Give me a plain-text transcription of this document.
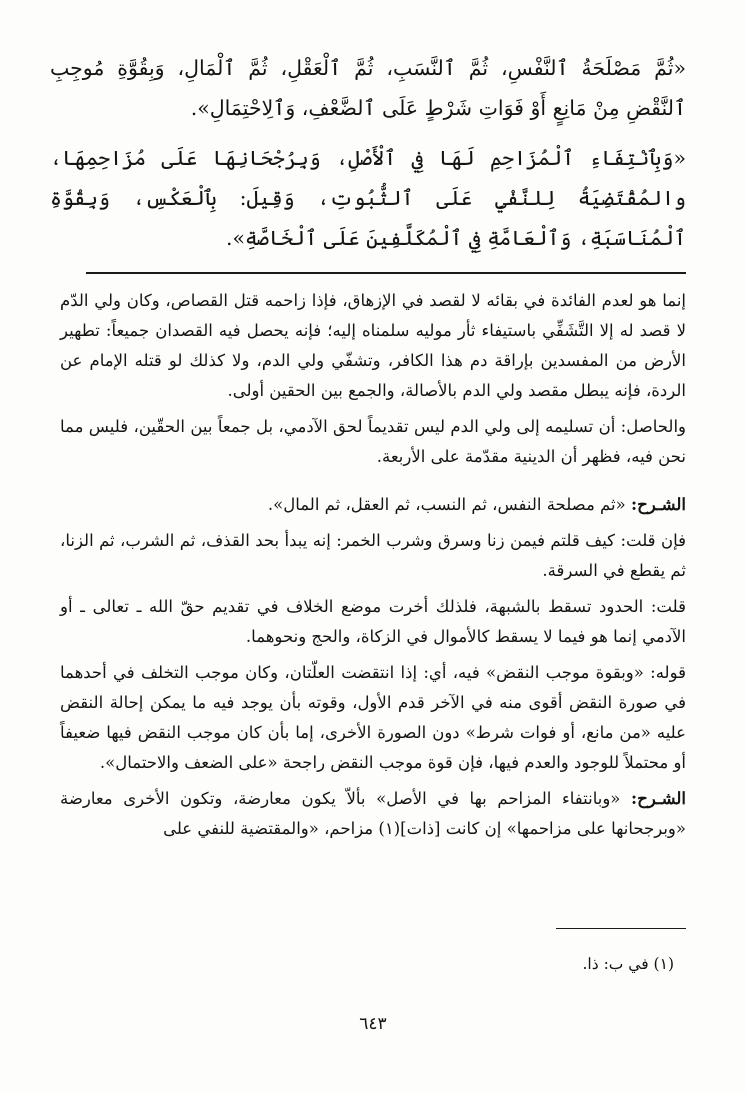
«ثُمَّ مَصْلَحَةُ ٱلنَّفْسِ، ثُمَّ ٱلنَّسَبِ، ثُمَّ ٱلْعَقْلِ، ثُمَّ ٱلْمَالِ، وَبِقُوَّةِ مُوجِبِ ٱلنَّقْضِ مِنْ مَانِعٍ أَوْ فَوَاتِ شَرْطٍ عَلَى ٱلضَّعْفِ، وَٱلِاحْتِمَالِ».

«وَبِٱنْتِفَاءِ ٱلْمُزَاحِمِ لَهَا فِي ٱلْأَصْلِ، وَبِرُجْحَانِهَا عَلَى مُزَاحِمِهَا، والمُقْتَضِيَةُ لِلنَّفْيِ عَلَى ٱلثُّبُوتِ، وَقِيلَ: بِٱلْعَكْسِ، وَبِقُوَّةِ ٱلْمُنَاسَبَةِ، وَٱلْعَامَّةِ فِي ٱلْمُكَلَّفِينَ عَلَى ٱلْخَاصَّةِ».

إنما هو لعدم الفائدة في بقائه لا لقصد في الإزهاق، فإذا زاحمه قتل القصاص، وكان ولي الدّم لا قصد له إلا التَّشَفِّي باستيفاء ثأر موليه سلمناه إليه؛ فإنه يحصل فيه القصدان جميعاً: تطهير الأرض من المفسدين بإراقة دم هذا الكافر، وتشفّي ولي الدم، ولا كذلك لو قتله الإمام عن الردة، فإنه يبطل مقصد ولي الدم بالأصالة، والجمع بين الحقين أولى.

والحاصل: أن تسليمه إلى ولي الدم ليس تقديماً لحق الآدمي، بل جمعاً بين الحقّين، فليس مما نحن فيه، فظهر أن الدينية مقدّمة على الأربعة.

الشـرح: «ثم مصلحة النفس، ثم النسب، ثم العقل، ثم المال».

فإن قلت: كيف قلتم فيمن زنا وسرق وشرب الخمر: إنه يبدأ بحد القذف، ثم الشرب، ثم الزنا، ثم يقطع في السرقة.

قلت: الحدود تسقط بالشبهة، فلذلك أخرت موضع الخلاف في تقديم حقّ الله ـ تعالى ـ أو الآدمي إنما هو فيما لا يسقط كالأموال في الزكاة، والحج ونحوهما.

قوله: «وبقوة موجب النقض» فيه، أي: إذا انتقضت العلّتان، وكان موجب التخلف في أحدهما في صورة النقض أقوى منه في الآخر قدم الأول، وقوته بأن يوجد فيه ما يمكن إحالة النقض عليه «من مانع، أو فوات شرط» دون الصورة الأخرى، إما بأن كان موجب النقض فيها ضعيفاً أو محتملاً للوجود والعدم فيها، فإن قوة موجب النقض راجحة «على الضعف والاحتمال».

الشـرح: «وبانتفاء المزاحم بها في الأصل» بألاّ يكون معارضة، وتكون الأخرى معارضة «وبرجحانها على مزاحمها» إن كانت [ذات](١) مزاحم، «والمقتضية للنفي على

(١) في ب: ذا.
٦٤٣
